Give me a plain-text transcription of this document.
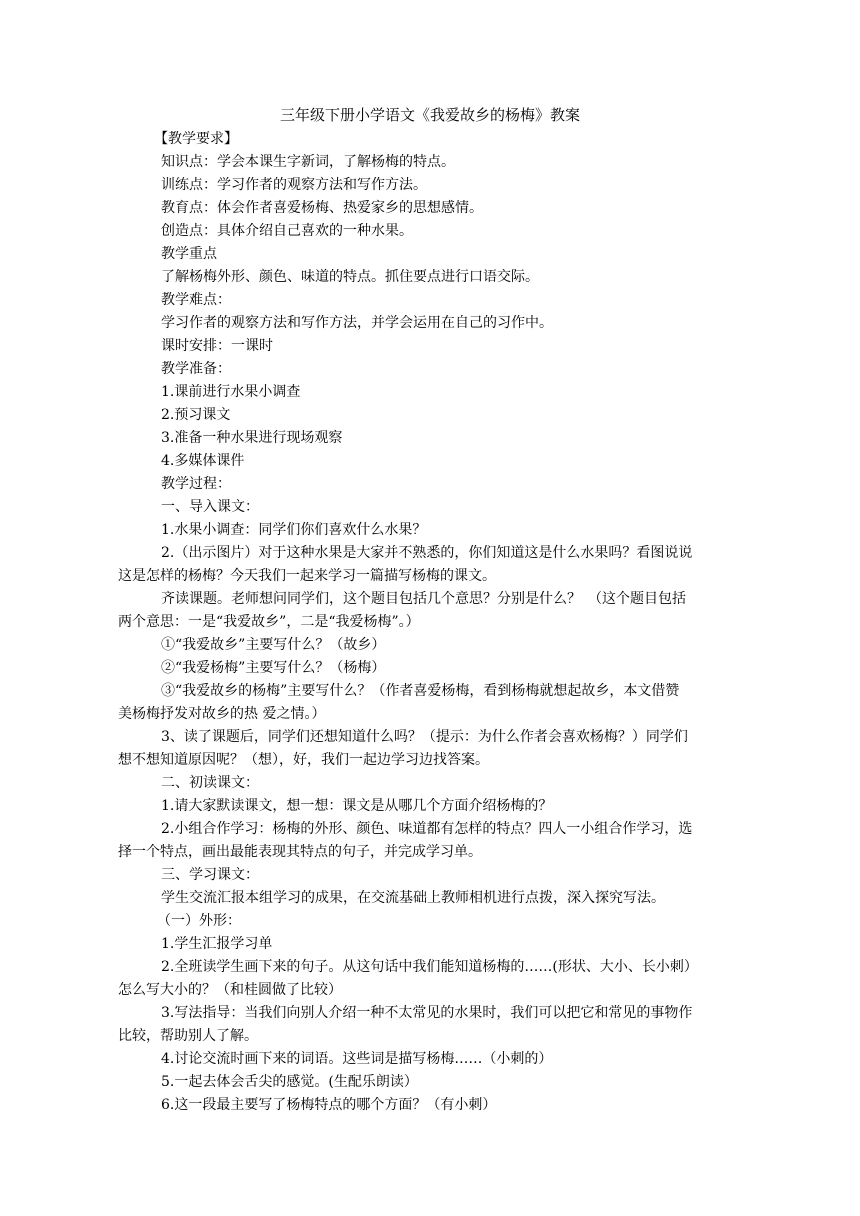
三年级下册小学语文《我爱故乡的杨梅》教案

【教学要求】

知识点：学会本课生字新词，了解杨梅的特点。

训练点：学习作者的观察方法和写作方法。

教育点：体会作者喜爱杨梅、热爱家乡的思想感情。

创造点：具体介绍自己喜欢的一种水果。

教学重点

了解杨梅外形、颜色、味道的特点。抓住要点进行口语交际。

教学难点：

学习作者的观察方法和写作方法，并学会运用在自己的习作中。

课时安排：一课时

教学准备：

1.课前进行水果小调查

2.预习课文

3.准备一种水果进行现场观察

4.多媒体课件

教学过程：

一、导入课文：

1.水果小调查：同学们你们喜欢什么水果？

2.（出示图片）对于这种水果是大家并不熟悉的，你们知道这是什么水果吗？看图说说

这是怎样的杨梅？今天我们一起来学习一篇描写杨梅的课文。

齐读课题。老师想问同学们，这个题目包括几个意思？分别是什么？　（这个题目包括

两个意思：一是“我爱故乡”，二是“我爱杨梅”。）

①“我爱故乡”主要写什么？（故乡）

②“我爱杨梅”主要写什么？（杨梅）

③“我爱故乡的杨梅”主要写什么？（作者喜爱杨梅，看到杨梅就想起故乡，本文借赞

美杨梅抒发对故乡的热 爱之情。）

3、读了课题后，同学们还想知道什么吗？（提示：为什么作者会喜欢杨梅？）同学们

想不想知道原因呢？（想），好，我们一起边学习边找答案。

二、初读课文：

1.请大家默读课文，想一想：课文是从哪几个方面介绍杨梅的？

2.小组合作学习：杨梅的外形、颜色、味道都有怎样的特点？四人一小组合作学习，选

择一个特点，画出最能表现其特点的句子，并完成学习单。

三、学习课文：

学生交流汇报本组学习的成果，在交流基础上教师相机进行点拨，深入探究写法。

（一）外形：

1.学生汇报学习单

2.全班读学生画下来的句子。从这句话中我们能知道杨梅的……(形状、大小、长小刺）

怎么写大小的？（和桂圆做了比较）

3.写法指导：当我们向别人介绍一种不太常见的水果时，我们可以把它和常见的事物作

比较，帮助别人了解。

4.讨论交流时画下来的词语。这些词是描写杨梅……（小刺的）

5.一起去体会舌尖的感觉。(生配乐朗读）

6.这一段最主要写了杨梅特点的哪个方面？（有小刺）
